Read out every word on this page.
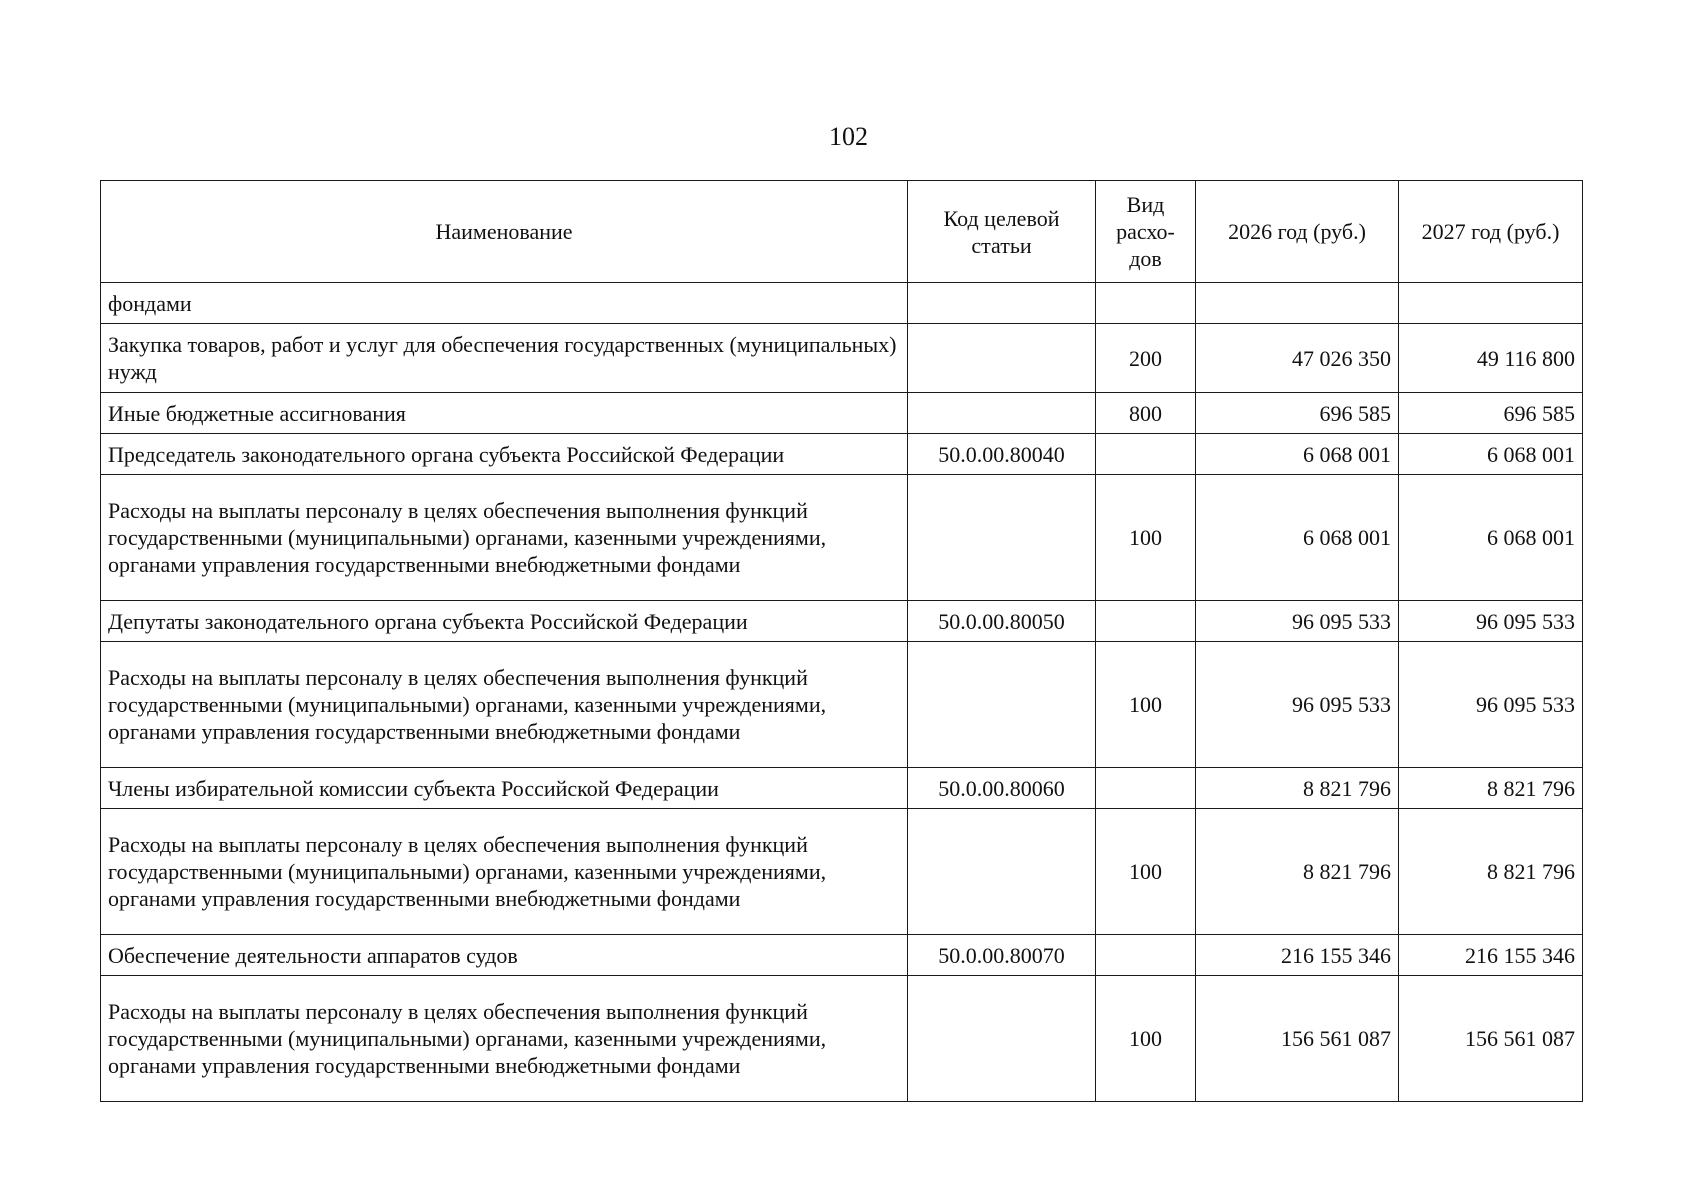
102
Наименование	Код целевой статьи	Вид расхо-дов	2026 год (руб.)	2027 год (руб.)
фондами				
Закупка товаров, работ и услуг для обеспечения государственных (муниципальных) нужд		200	47 026 350	49 116 800
Иные бюджетные ассигнования		800	696 585	696 585
Председатель законодательного органа субъекта Российской Федерации	50.0.00.80040		6 068 001	6 068 001
Расходы на выплаты персоналу в целях обеспечения выполнения функций государственными (муниципальными) органами, казенными учреждениями, органами управления государственными внебюджетными фондами		100	6 068 001	6 068 001
Депутаты законодательного органа субъекта Российской Федерации	50.0.00.80050		96 095 533	96 095 533
Расходы на выплаты персоналу в целях обеспечения выполнения функций государственными (муниципальными) органами, казенными учреждениями, органами управления государственными внебюджетными фондами		100	96 095 533	96 095 533
Члены избирательной комиссии субъекта Российской Федерации	50.0.00.80060		8 821 796	8 821 796
Расходы на выплаты персоналу в целях обеспечения выполнения функций государственными (муниципальными) органами, казенными учреждениями, органами управления государственными внебюджетными фондами		100	8 821 796	8 821 796
Обеспечение деятельности аппаратов судов	50.0.00.80070		216 155 346	216 155 346
Расходы на выплаты персоналу в целях обеспечения выполнения функций государственными (муниципальными) органами, казенными учреждениями, органами управления государственными внебюджетными фондами		100	156 561 087	156 561 087
